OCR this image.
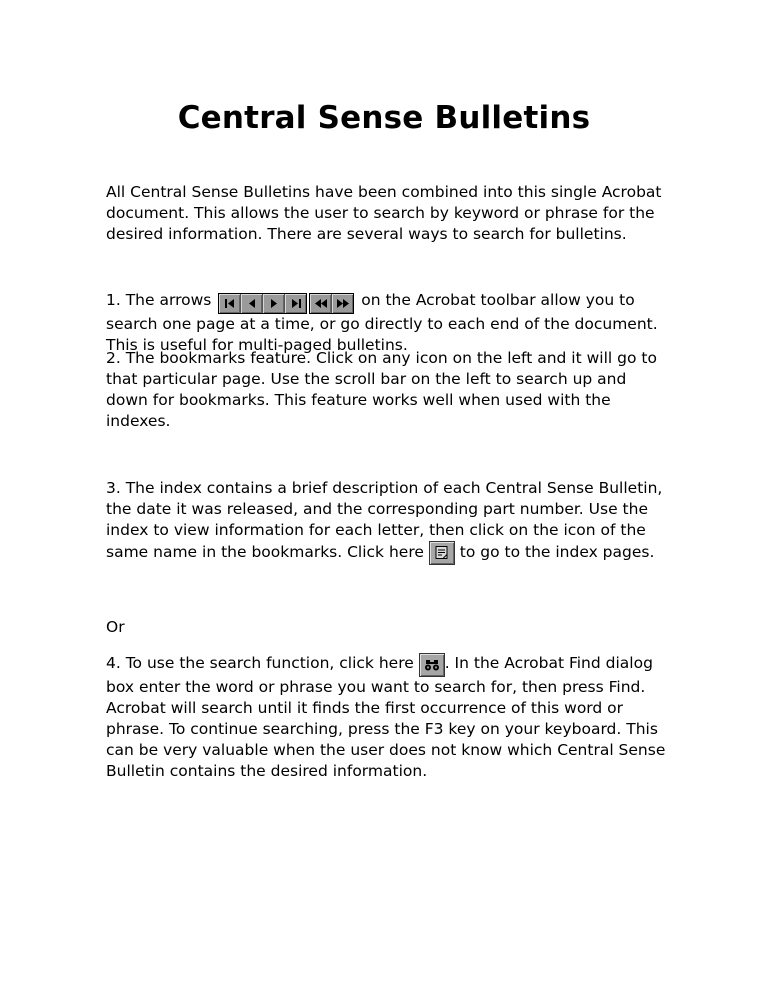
Central Sense Bulletins

All Central Sense Bulletins have been combined into this single Acrobat document. This allows the user to search by keyword or phrase for the desired information. There are several ways to search for bulletins.

1. The arrows	on the Acrobat toolbar allow you to search one page at a time, or go directly to each end of the document. This is useful for multi-paged bulletins.

2. The bookmarks feature. Click on any icon on the left and it will go to that particular page. Use the scroll bar on the left to search up and down for bookmarks. This feature works well when used with the indexes.

3. The index contains a brief description of each Central Sense Bulletin, the date it was released, and the corresponding part number. Use the index to view information for each letter, then click on the icon of the same name in the bookmarks. Click here to go to the index pages.

Or

4. To use the search function, click here . In the Acrobat Find dialog box enter the word or phrase you want to search for, then press Find. Acrobat will search until it finds the first occurrence of this word or phrase. To continue searching, press the F3 key on your keyboard. This can be very valuable when the user does not know which Central Sense Bulletin contains the desired information.
